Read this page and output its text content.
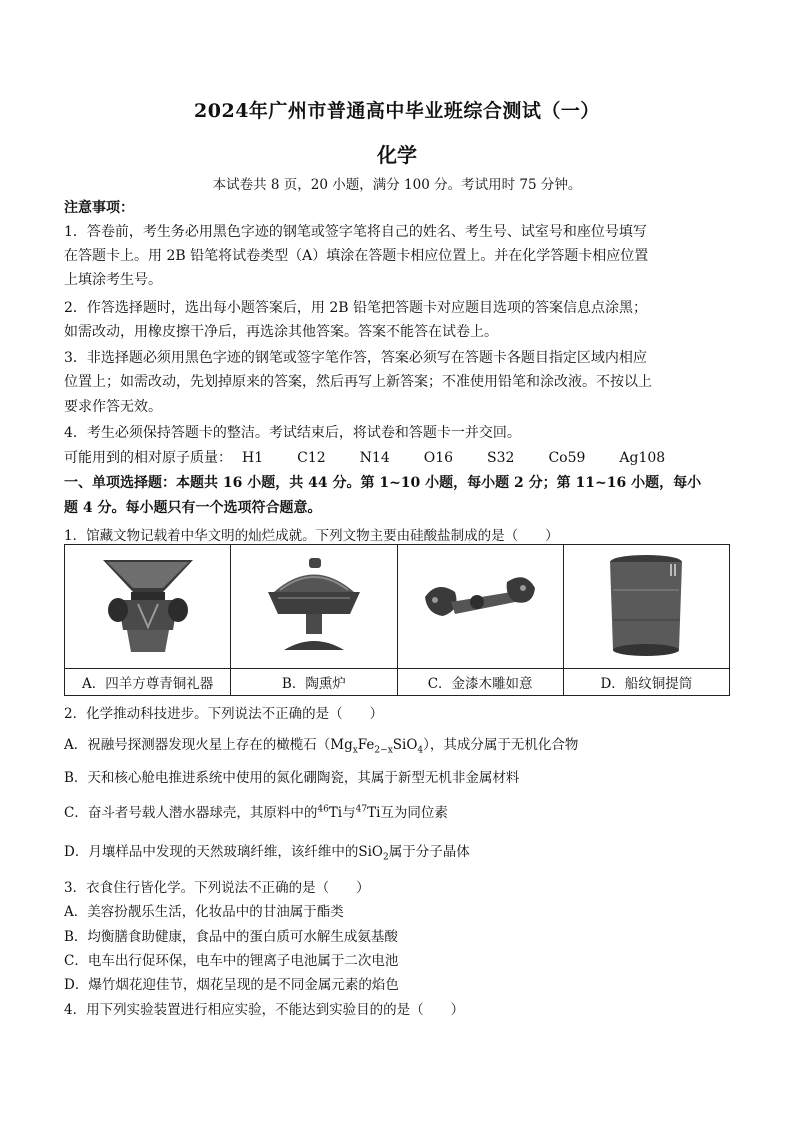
2024年广州市普通高中毕业班综合测试（一）
化学
本试卷共 8 页，20 小题，满分 100 分。考试用时 75 分钟。
注意事项：
1．答卷前，考生务必用黑色字迹的钢笔或签字笔将自己的姓名、考生号、试室号和座位号填写
在答题卡上。用 2B 铅笔将试卷类型（A）填涂在答题卡相应位置上。并在化学答题卡相应位置
上填涂考生号。
2．作答选择题时，选出每小题答案后，用 2B 铅笔把答题卡对应题目选项的答案信息点涂黑；
如需改动，用橡皮擦干净后，再选涂其他答案。答案不能答在试卷上。
3．非选择题必须用黑色字迹的钢笔或签字笔作答，答案必须写在答题卡各题目指定区域内相应
位置上；如需改动，先划掉原来的答案，然后再写上新答案；不准使用铅笔和涂改液。不按以上
要求作答无效。
4．考生必须保持答题卡的整洁。考试结束后，将试卷和答题卡一并交回。
可能用到的相对原子质量： H1 C12 N14 O16 S32 Co59 Ag108
一、单项选择题：本题共 16 小题，共 44 分。第 1~10 小题，每小题 2 分；第 11~16 小题，每小
题 4 分。每小题只有一个选项符合题意。
1．馆藏文物记载着中华文明的灿烂成就。下列文物主要由硅酸盐制成的是（　　）

A．四羊方尊青铜礼器	B．陶熏炉	C．金漆木雕如意	D．船纹铜提筒
2．化学推动科技进步。下列说法不正确的是（　　）
A．祝融号探测器发现火星上存在的橄榄石$(Mg_xFe_{2-x}SiO_4)$，其成分属于无机化合物
B．天和核心舱电推进系统中使用的氮化硼陶瓷，其属于新型无机非金属材料
C．奋斗者号载人潜水器球壳，其原料中的$^{46}$Ti与$^{47}$Ti互为同位素
D．月壤样品中发现的天然玻璃纤维，该纤维中的SiO$_2$属于分子晶体
3．衣食住行皆化学。下列说法不正确的是（　　）
A．美容扮靓乐生活，化妆品中的甘油属于酯类
B．均衡膳食助健康，食品中的蛋白质可水解生成氨基酸
C．电车出行促环保，电车中的锂离子电池属于二次电池
D．爆竹烟花迎佳节，烟花呈现的是不同金属元素的焰色
4．用下列实验装置进行相应实验，不能达到实验目的的是（　　）
